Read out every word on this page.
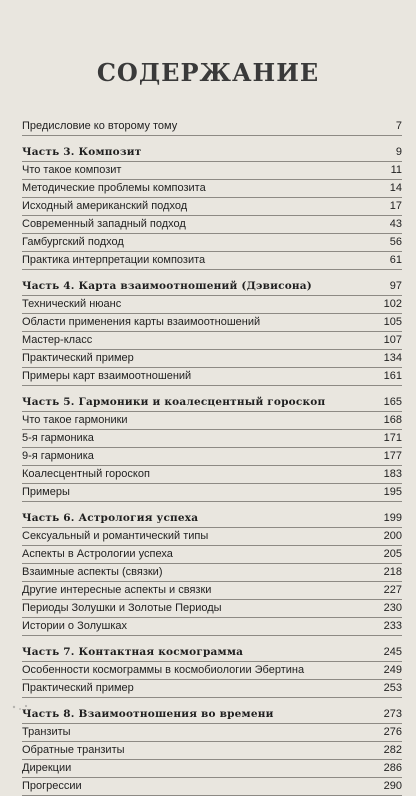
СОДЕРЖАНИЕ
Предисловие ко второму тому	7
Часть 3. Композит	9
Что такое композит	11
Методические проблемы композита	14
Исходный американский подход	17
Современный западный подход	43
Гамбургский подход	56
Практика интерпретации композита	61
Часть 4. Карта взаимоотношений (Дэвисона)	97
Технический нюанс	102
Области применения карты взаимоотношений	105
Мастер-класс	107
Практический пример	134
Примеры карт взаимоотношений	161
Часть 5. Гармоники и коалесцентный гороскоп	165
Что такое гармоники	168
5-я гармоника	171
9-я гармоника	177
Коалесцентный гороскоп	183
Примеры	195
Часть 6. Астрология успеха	199
Сексуальный и романтический типы	200
Аспекты в Астрологии успеха	205
Взаимные аспекты (связки)	218
Другие интересные аспекты и связки	227
Периоды Золушки и Золотые Периоды	230
Истории о Золушках	233
Часть 7. Контактная космограмма	245
Особенности космограммы в космобиологии Эбертина	249
Практический пример	253
Часть 8. Взаимоотношения во времени	273
Транзиты	276
Обратные транзиты	282
Дирекции	286
Прогрессии	290
